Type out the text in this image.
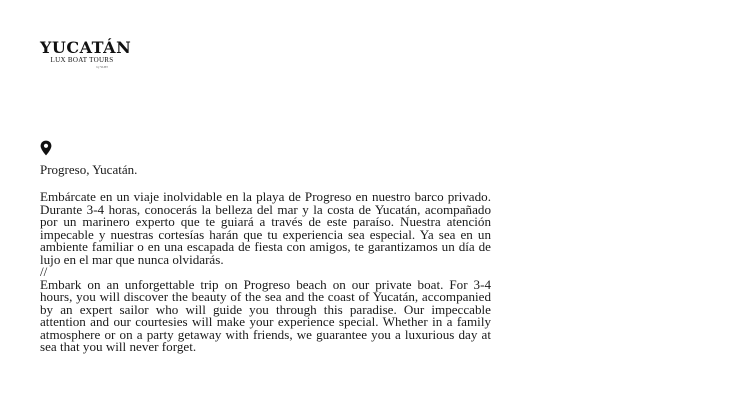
YUCATÁN
LUX BOAT TOURS
by YLBT
Progreso, Yucatán.

Embárcate en un viaje inolvidable en la playa de Progreso en nuestro barco privado. Durante 3-4 horas, conocerás la belleza del mar y la costa de Yucatán, acompañado por un marinero experto que te guiará a través de este paraíso. Nuestra atención impecable y nuestras cortesías harán que tu experiencia sea especial. Ya sea en un ambiente familiar o en una escapada de fiesta con amigos, te garantizamos un día de lujo en el mar que nunca olvidarás.

//

Embark on an unforgettable trip on Progreso beach on our private boat. For 3-4 hours, you will discover the beauty of the sea and the coast of Yucatán, accompanied by an expert sailor who will guide you through this paradise. Our impeccable attention and our courtesies will make your experience special. Whether in a family atmosphere or on a party getaway with friends, we guarantee you a luxurious day at sea that you will never forget.
